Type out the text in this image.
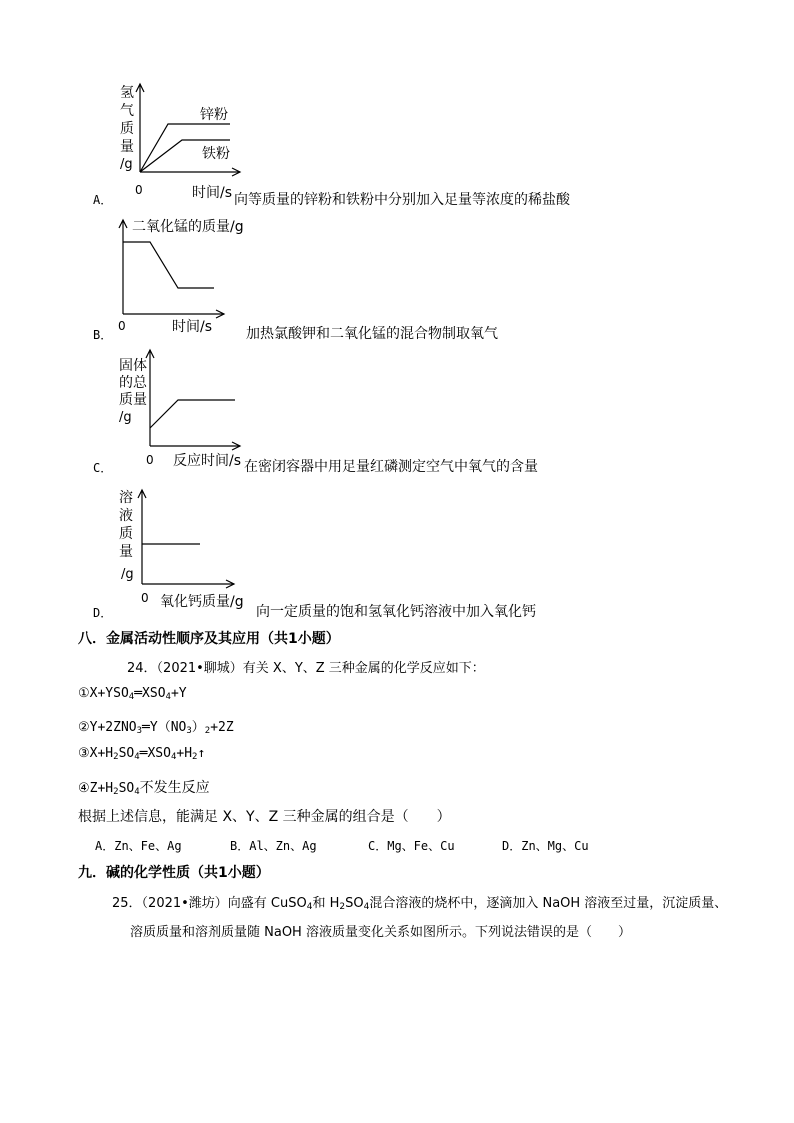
氢
气
质
量
/g
锌粉
铁粉
0	时间/s
二氧化锰的质量/g
0	时间/s
固体
的总
质量
/g
0 反应时间/s
溶
液
质
量
/g
0 氧化钙质量/g
A．	向等质量的锌粉和铁粉中分别加入足量等浓度的稀盐酸
B．	加热氯酸钾和二氧化锰的混合物制取氧气
C．	在密闭容器中用足量红磷测定空气中氧气的含量
D．	向一定质量的饱和氢氧化钙溶液中加入氧化钙
八．金属活动性顺序及其应用（共1小题）
24．（2021•聊城）有关 X、Y、Z 三种金属的化学反应如下：
$①X+YSO_4═XSO_4+Y$
$②Y+2ZNO_3═Y(NO_3)_2+2Z$
$③X+H_2SO_4═XSO_4+H_2↑$
$④Z+H_2SO_4$不发生反应
根据上述信息，能满足 X、Y、Z 三种金属的组合是（　　）
A．Zn、Fe、Ag	B．Al、Zn、Ag	C．Mg、Fe、Cu	D．Zn、Mg、Cu
九．碱的化学性质（共1小题）
25．（2021•潍坊）向盛有 CuSO$_4$和 $H_2SO_4$混合溶液的烧杯中，逐滴加入 NaOH 溶液至过量，沉淀质量、
溶质质量和溶剂质量随 NaOH 溶液质量变化关系如图所示。下列说法错误的是（　　）
